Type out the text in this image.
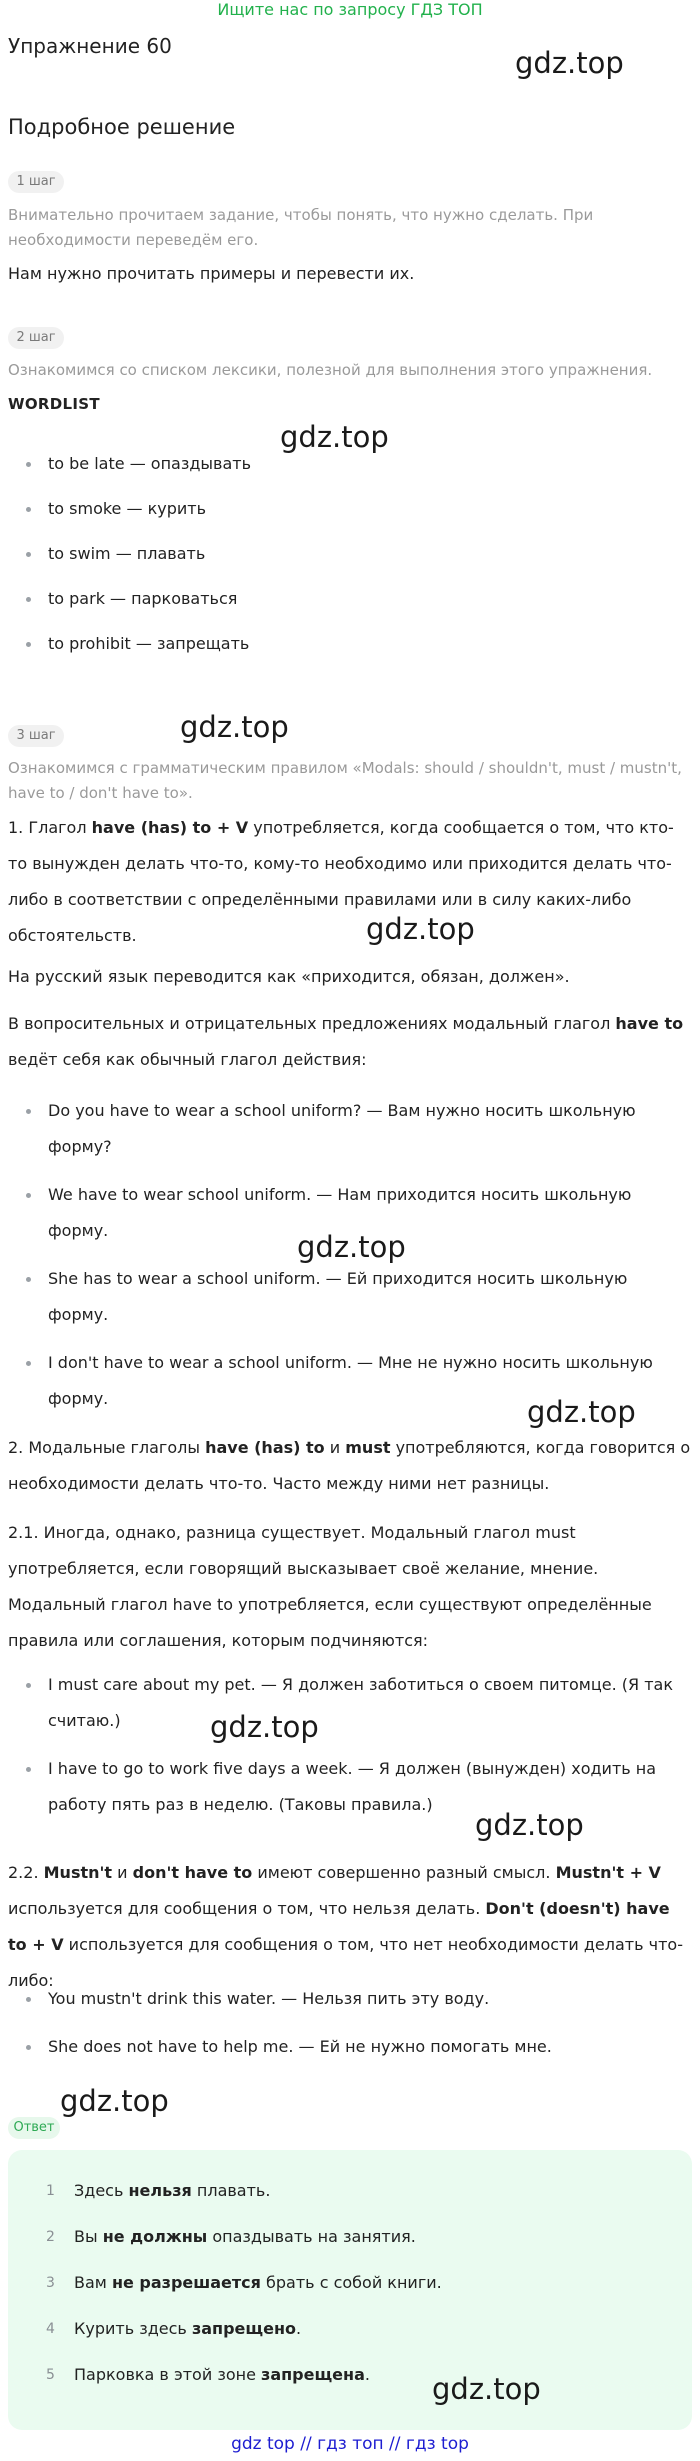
Ищите нас по запросу ГДЗ ТОП
Упражнение 60	gdz.top
Подробное решение
1 шаг
Внимательно прочитаем задание, чтобы понять, что нужно сделать. При необходимости переведём его.
Нам нужно прочитать примеры и перевести их.
2 шаг
Ознакомимся со списком лексики, полезной для выполнения этого упражнения.
WORDLIST
gdz.top
to be late — опаздывать
to smoke — курить
to swim — плавать
to park — парковаться
to prohibit — запрещать
gdz.top
3 шаг
Ознакомимся с грамматическим правилом «Modals: should / shouldn't, must / mustn't, have to / don't have to».
1. Глагол have (has) to + V употребляется, когда сообщается о том, что кто-то вынужден делать что-то, кому-то необходимо или приходится делать что-либо в соответствии с определёнными правилами или в силу каких-либо обстоятельств.	gdz.top
На русский язык переводится как «приходится, обязан, должен».
В вопросительных и отрицательных предложениях модальный глагол have to ведёт себя как обычный глагол действия:
Do you have to wear a school uniform? — Вам нужно носить школьную форму?
We have to wear school uniform. — Нам приходится носить школьную форму.
She has to wear a school uniform. — Ей приходится носить школьную форму.
I don't have to wear a school uniform. — Мне не нужно носить школьную форму.
gdz.top
gdz.top
2. Модальные глаголы have (has) to и must употребляются, когда говорится о необходимости делать что-то. Часто между ними нет разницы.
2.1. Иногда, однако, разница существует. Модальный глагол must употребляется, если говорящий высказывает своё желание, мнение. Модальный глагол have to употребляется, если существуют определённые правила или соглашения, которым подчиняются:
I must care about my pet. — Я должен заботиться о своем питомце. (Я так считаю.)
I have to go to work five days a week. — Я должен (вынужден) ходить на работу пять раз в неделю. (Таковы правила.)
gdz.top
gdz.top
2.2. Mustn't и don't have to имеют совершенно разный смысл. Mustn't + V используется для сообщения о том, что нельзя делать. Don't (doesn't) have to + V используется для сообщения о том, что нет необходимости делать что-либо:
You mustn't drink this water. — Нельзя пить эту воду.
She does not have to help me. — Ей не нужно помогать мне.
gdz.top
Ответ
1 Здесь нельзя плавать.
2 Вы не должны опаздывать на занятия.
3 Вам не разрешается брать с собой книги.
4 Курить здесь запрещено.
5 Парковка в этой зоне запрещена.	gdz.top
gdz top // гдз топ // гдз top
